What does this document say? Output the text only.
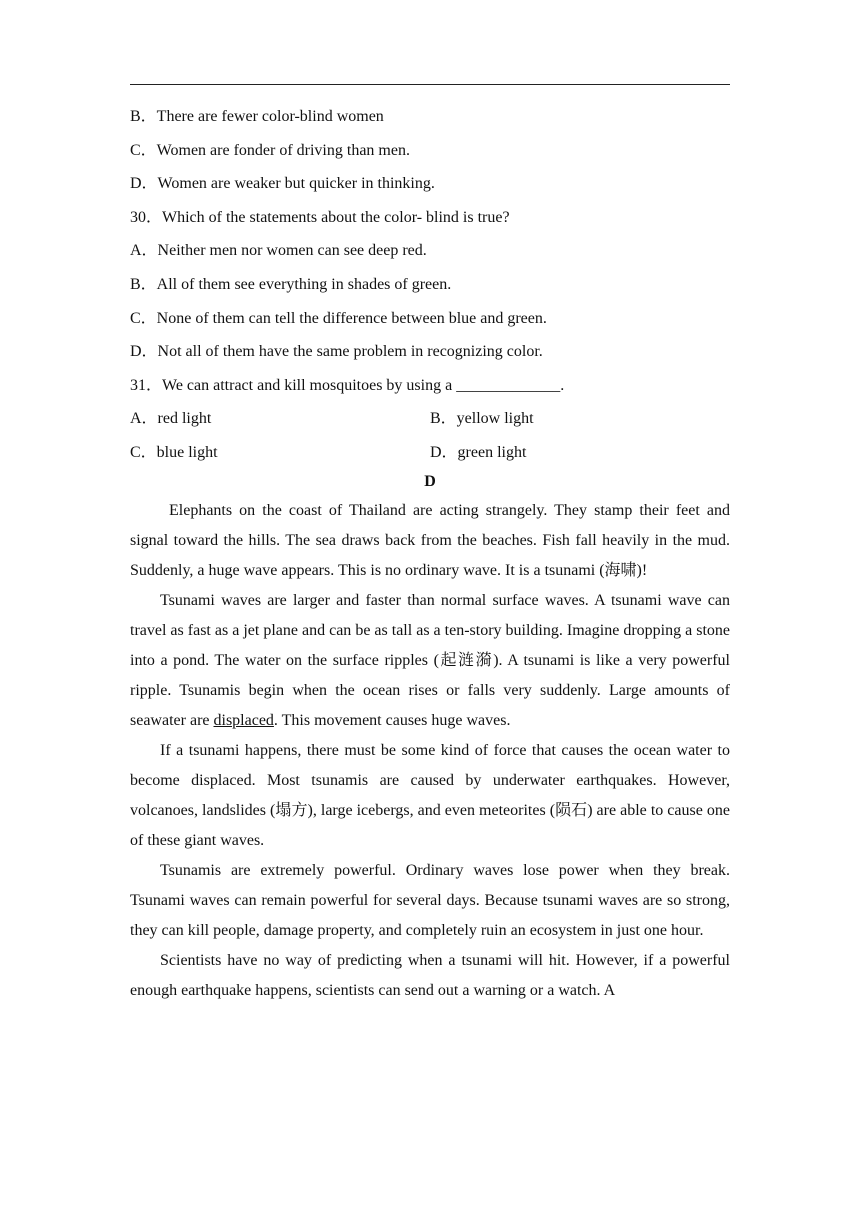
B．There are fewer color-blind women
C．Women are fonder of driving than men.
D．Women are weaker but quicker in thinking.
30．Which of the statements about the color- blind is true?
A．Neither men nor women can see deep red.
B．All of them see everything in shades of green.
C．None of them can tell the difference between blue and green.
D．Not all of them have the same problem in recognizing color.
31．We can attract and kill mosquitoes by using a _____________.
A．red light	B．yellow light
C．blue light	D．green light
D

Elephants on the coast of Thailand are acting strangely. They stamp their feet and signal toward the hills. The sea draws back from the beaches. Fish fall heavily in the mud. Suddenly, a huge wave appears. This is no ordinary wave. It is a tsunami (海啸)!

Tsunami waves are larger and faster than normal surface waves. A tsunami wave can travel as fast as a jet plane and can be as tall as a ten-story building. Imagine dropping a stone into a pond. The water on the surface ripples (起涟漪). A tsunami is like a very powerful ripple. Tsunamis begin when the ocean rises or falls very suddenly. Large amounts of seawater are displaced. This movement causes huge waves.

If a tsunami happens, there must be some kind of force that causes the ocean water to become displaced. Most tsunamis are caused by underwater earthquakes. However, volcanoes, landslides (塌方), large icebergs, and even meteorites (陨石) are able to cause one of these giant waves.

Tsunamis are extremely powerful. Ordinary waves lose power when they break. Tsunami waves can remain powerful for several days. Because tsunami waves are so strong, they can kill people, damage property, and completely ruin an ecosystem in just one hour.

Scientists have no way of predicting when a tsunami will hit. However, if a powerful enough earthquake happens, scientists can send out a warning or a watch. A
